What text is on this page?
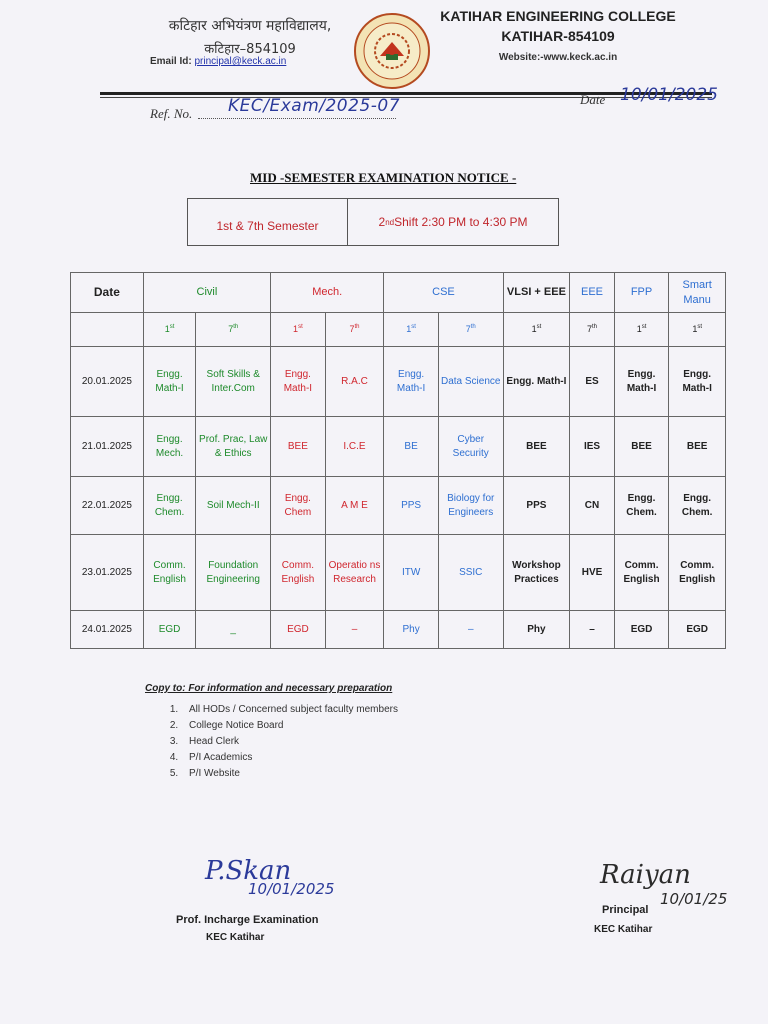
कटिहार अभियंत्रण महाविद्यालय,
कटिहार–854109
Email Id: principal@keck.ac.in
KATIHAR ENGINEERING COLLEGE
KATIHAR-854109
Website:-www.keck.ac.in
Ref. No. KEC/Exam/2025-07	Date 10/01/2025
MID -SEMESTER EXAMINATION NOTICE -
1st & 7th Semester	2 nd Shift 2:30 PM to 4:30 PM
Date	Civil		Mech.		CSE		VLSI + EEE	EEE	FPP	Smart Manu
	1st	7th	1st	7th	1st	7th	1st	7th	1st	1st
20.01.2025	Engg. Math-I	Soft Skills & Inter.Com	Engg. Math-I	R.A.C	Engg. Math-I	Data Science	Engg. Math-I	ES	Engg. Math-I	Engg. Math-I
21.01.2025	Engg. Mech.	Prof. Prac, Law & Ethics	BEE	I.C.E	BE	Cyber Security	BEE	IES	BEE	BEE
22.01.2025	Engg. Chem.	Soil Mech-II	Engg. Chem	A M E	PPS	Biology for Engineers	PPS	CN	Engg. Chem.	Engg. Chem.
23.01.2025	Comm. English	Foundation Engineering	Comm. English	Operatio ns Research	ITW	SSIC	Workshop Practices	HVE	Comm. English	Comm. English
24.01.2025	EGD	_	EGD	–	Phy	–	Phy	–	EGD	EGD
Copy to: For information and necessary preparation
1. All HODs / Concerned subject faculty members
2. College Notice Board
3. Head Clerk
4. P/I Academics
5. P/I Website
P.Skan
10/01/2025
Prof. Incharge Examination
KEC Katihar
Raiyan
10/01/25
Principal
KEC Katihar
